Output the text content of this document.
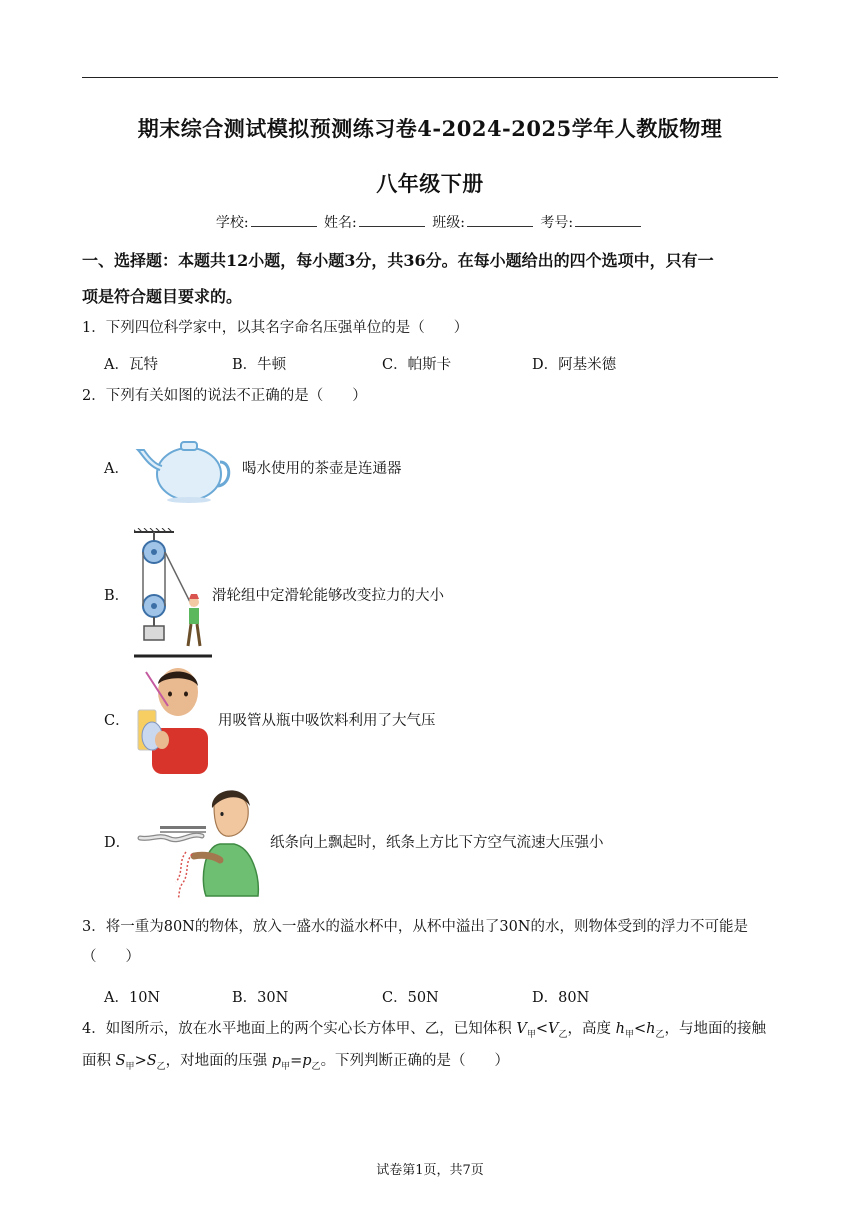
期末综合测试模拟预测练习卷4-2024-2025学年人教版物理
八年级下册
学校:	姓名:	班级:	考号:
一、选择题：本题共12小题，每小题3分，共36分。在每小题给出的四个选项中，只有一
项是符合题目要求的。
1．下列四位科学家中，以其名字命名压强单位的是（　　）
A．瓦特	B．牛顿	C．帕斯卡	D．阿基米德
2．下列有关如图的说法不正确的是（　　）
A．	喝水使用的茶壶是连通器
B．	滑轮组中定滑轮能够改变拉力的大小
C．	用吸管从瓶中吸饮料利用了大气压
D．	纸条向上飘起时，纸条上方比下方空气流速大压强小
3．将一重为80N的物体，放入一盛水的溢水杯中，从杯中溢出了30N的水，则物体受到的浮力不可能是
（　　）
A．10N	B．30N	C．50N	D．80N
4．如图所示，放在水平地面上的两个实心长方体甲、乙，已知体积 $V_甲<V_乙$，高度 $h_甲<h_乙$，与地面的接触
面积 $S_甲>S_乙$，对地面的压强 $p_甲=p_乙$。下列判断正确的是（　　）
试卷第1页，共7页
